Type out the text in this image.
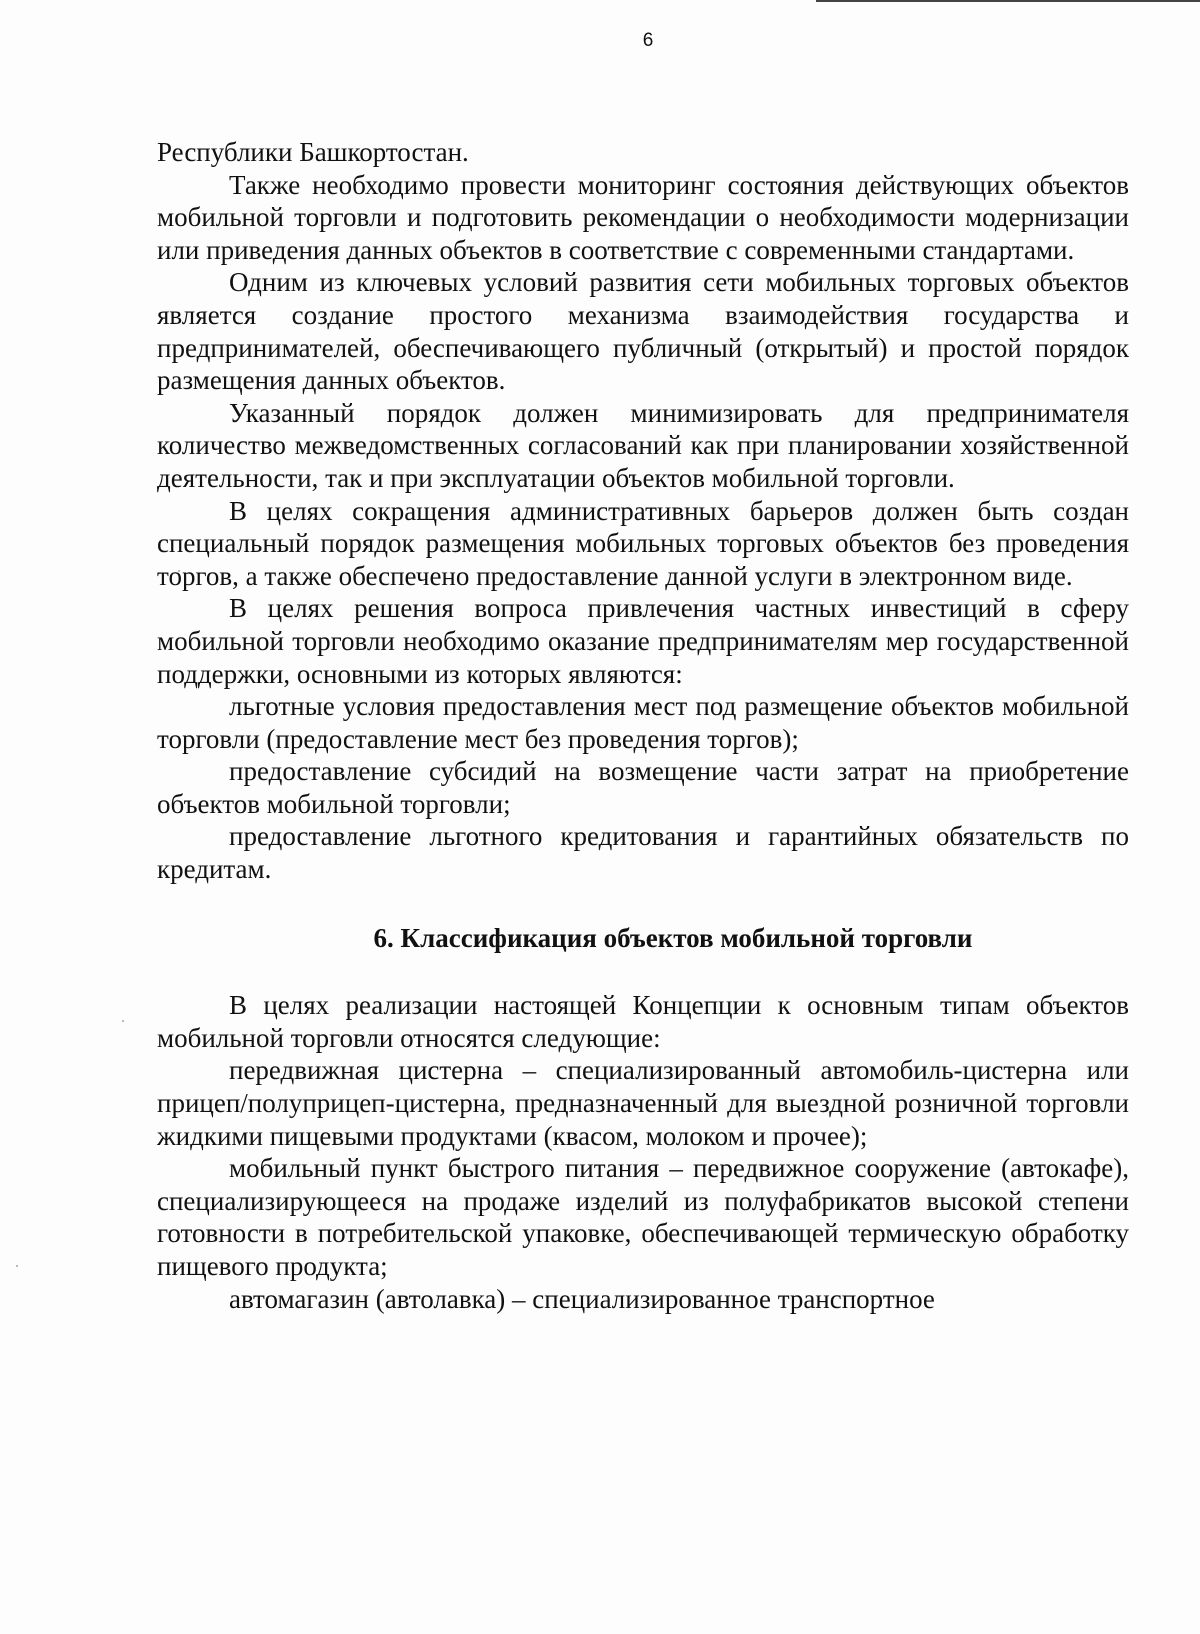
6

Республики Башкортостан.

Также необходимо провести мониторинг состояния действующих объектов мобильной торговли и подготовить рекомендации о необходимости модернизации или приведения данных объектов в соответствие с современными стандартами.

Одним из ключевых условий развития сети мобильных торговых объектов является создание простого механизма взаимодействия государства и предпринимателей, обеспечивающего публичный (открытый) и простой порядок размещения данных объектов.

Указанный порядок должен минимизировать для предпринимателя количество межведомственных согласований как при планировании хозяйственной деятельности, так и при эксплуатации объектов мобильной торговли.

В целях сокращения административных барьеров должен быть создан специальный порядок размещения мобильных торговых объектов без проведения торгов, а также обеспечено предоставление данной услуги в электронном виде.

В целях решения вопроса привлечения частных инвестиций в сферу мобильной торговли необходимо оказание предпринимателям мер государственной поддержки, основными из которых являются:

льготные условия предоставления мест под размещение объектов мобильной торговли (предоставление мест без проведения торгов);

предоставление субсидий на возмещение части затрат на приобретение объектов мобильной торговли;

предоставление льготного кредитования и гарантийных обязательств по кредитам.

6. Классификация объектов мобильной торговли

В целях реализации настоящей Концепции к основным типам объектов мобильной торговли относятся следующие:

передвижная цистерна – специализированный автомобиль-цистерна или прицеп/полуприцеп-цистерна, предназначенный для выездной розничной торговли жидкими пищевыми продуктами (квасом, молоком и прочее);

мобильный пункт быстрого питания – передвижное сооружение (автокафе), специализирующееся на продаже изделий из полуфабрикатов высокой степени готовности в потребительской упаковке, обеспечивающей термическую обработку пищевого продукта;

автомагазин (автолавка) – специализированное транспортное
